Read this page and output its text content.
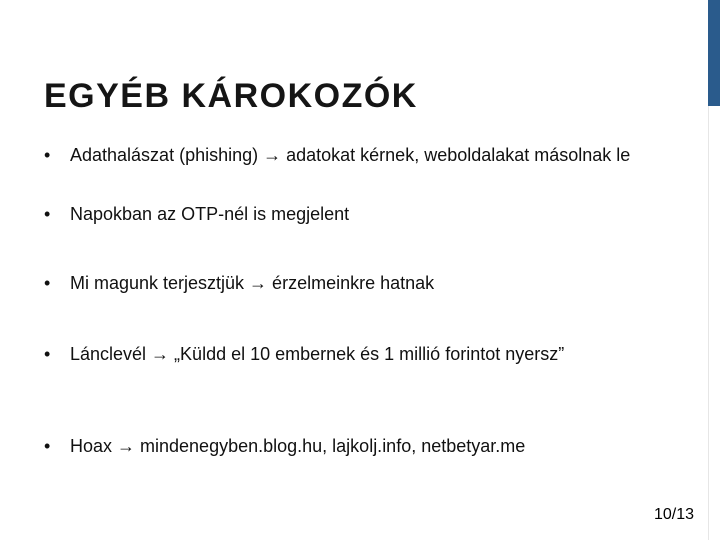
EGYÉB KÁROKOZÓK
•	Adathalászat (phishing) → adatokat kérnek, weboldalakat másolnak le
•	Napokban az OTP-nél is megjelent
•	Mi magunk terjesztjük → érzelmeinkre hatnak
•	Lánclevél → „Küldd el 10 embernek és 1 millió forintot nyersz”
•	Hoax → mindenegyben.blog.hu, lajkolj.info, netbetyar.me
10/13
